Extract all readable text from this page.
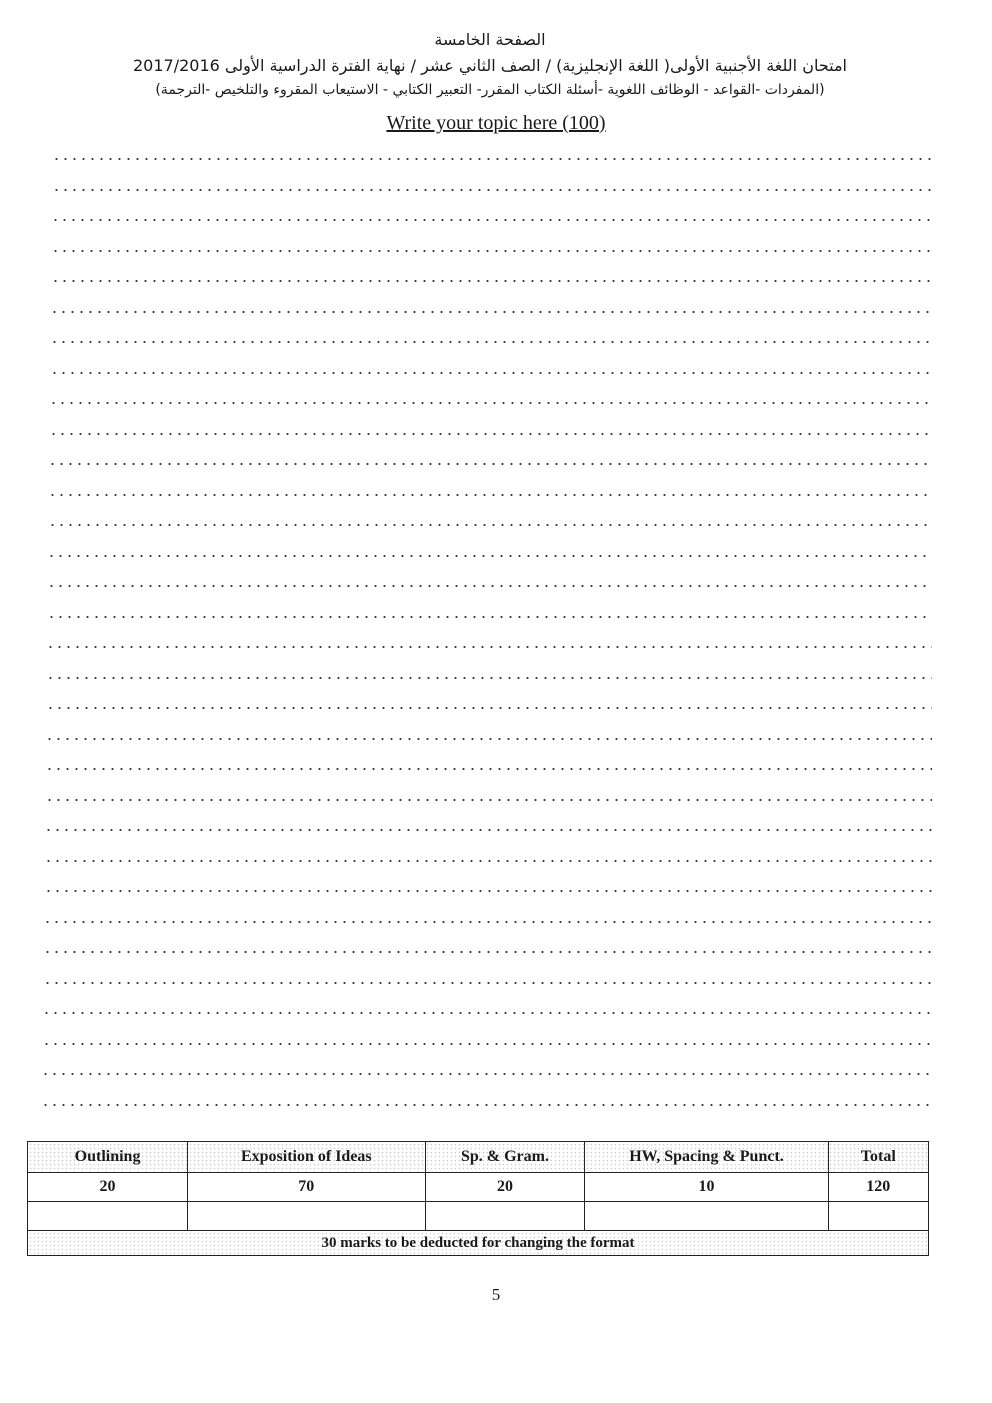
الصفحة الخامسة
امتحان اللغة الأجنبية الأولى( اللغة الإنجليزية) / الصف الثاني عشر / نهاية الفترة الدراسية الأولى 2017/2016
(المفردات -القواعد - الوظائف اللغوية -أسئلة الكتاب المقرر- التعبير الكتابي - الاستيعاب المقروء والتلخيص -الترجمة)
Write your topic here (100)
Outlining	Exposition of Ideas	Sp. & Gram.	HW, Spacing & Punct.	Total
20	70	20	10	120

30 marks to be deducted for changing the format				
5
